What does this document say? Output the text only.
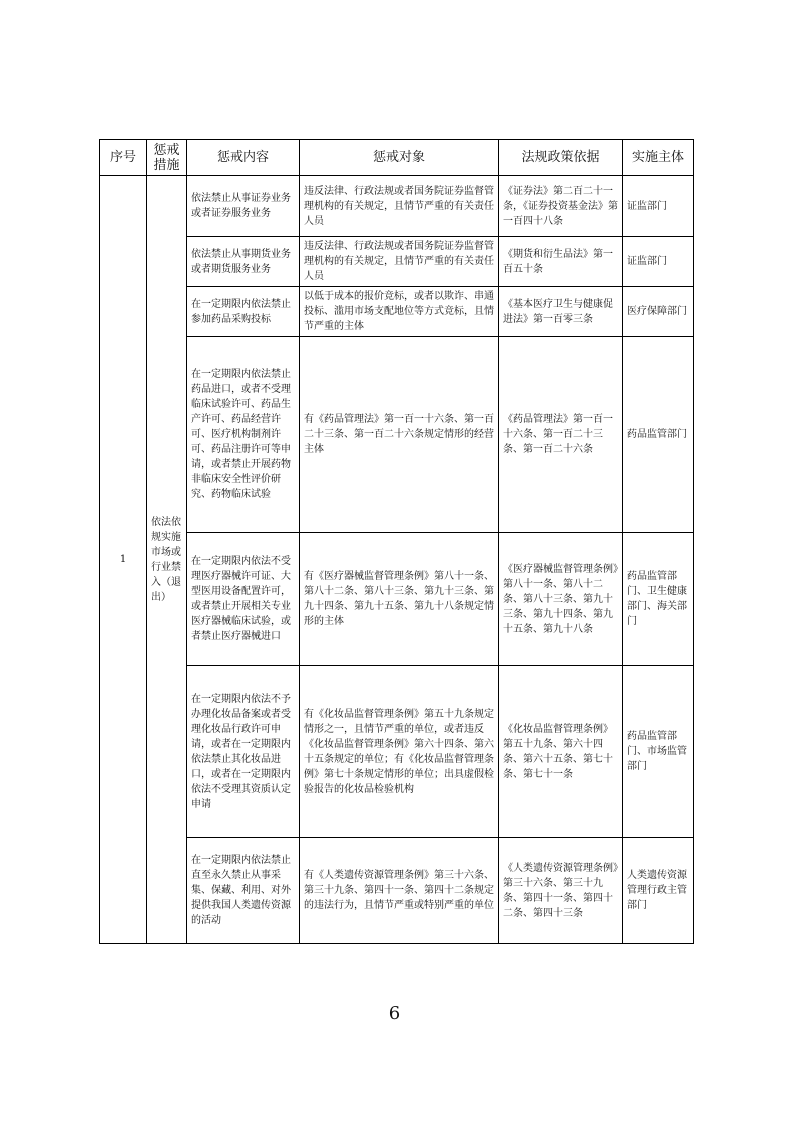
序号	惩戒措施	惩戒内容	惩戒对象	法规政策依据	实施主体
1	依法依规实施市场或行业禁入（退出）	依法禁止从事证券业务或者证券服务业务	违反法律、行政法规或者国务院证券监督管理机构的有关规定，且情节严重的有关责任人员	《证券法》第二百二十一条，《证券投资基金法》第一百四十八条	证监部门
		依法禁止从事期货业务或者期货服务业务	违反法律、行政法规或者国务院证券监督管理机构的有关规定，且情节严重的有关责任人员	《期货和衍生品法》第一百五十条	证监部门
		在一定期限内依法禁止参加药品采购投标	以低于成本的报价竞标，或者以欺诈、串通投标、滥用市场支配地位等方式竞标，且情节严重的主体	《基本医疗卫生与健康促进法》第一百零三条	医疗保障部门
		在一定期限内依法禁止药品进口，或者不受理临床试验许可、药品生产许可、药品经营许可、医疗机构制剂许可、药品注册许可等申请，或者禁止开展药物非临床安全性评价研究、药物临床试验	有《药品管理法》第一百一十六条、第一百二十三条、第一百二十六条规定情形的经营主体	《药品管理法》第一百一十六条、第一百二十三条、第一百二十六条	药品监管部门
		在一定期限内依法不受理医疗器械许可证、大型医用设备配置许可，或者禁止开展相关专业医疗器械临床试验，或者禁止医疗器械进口	有《医疗器械监督管理条例》第八十一条、第八十二条、第八十三条、第九十三条、第九十四条、第九十五条、第九十八条规定情形的主体	《医疗器械监督管理条例》第八十一条、第八十二条、第八十三条、第九十三条、第九十四条、第九十五条、第九十八条	药品监管部门、卫生健康部门、海关部门
		在一定期限内依法不予办理化妆品备案或者受理化妆品行政许可申请，或者在一定期限内依法禁止其化妆品进口，或者在一定期限内依法不受理其资质认定申请	有《化妆品监督管理条例》第五十九条规定情形之一，且情节严重的单位，或者违反《化妆品监督管理条例》第六十四条、第六十五条规定的单位；有《化妆品监督管理条例》第七十条规定情形的单位；出具虚假检验报告的化妆品检验机构	《化妆品监督管理条例》第五十九条、第六十四条、第六十五条、第七十条、第七十一条	药品监管部门、市场监管部门
		在一定期限内依法禁止直至永久禁止从事采集、保藏、利用、对外提供我国人类遗传资源的活动	有《人类遗传资源管理条例》第三十六条、第三十九条、第四十一条、第四十二条规定的违法行为，且情节严重或特别严重的单位	《人类遗传资源管理条例》第三十六条、第三十九条、第四十一条、第四十二条、第四十三条	人类遗传资源管理行政主管部门
6
